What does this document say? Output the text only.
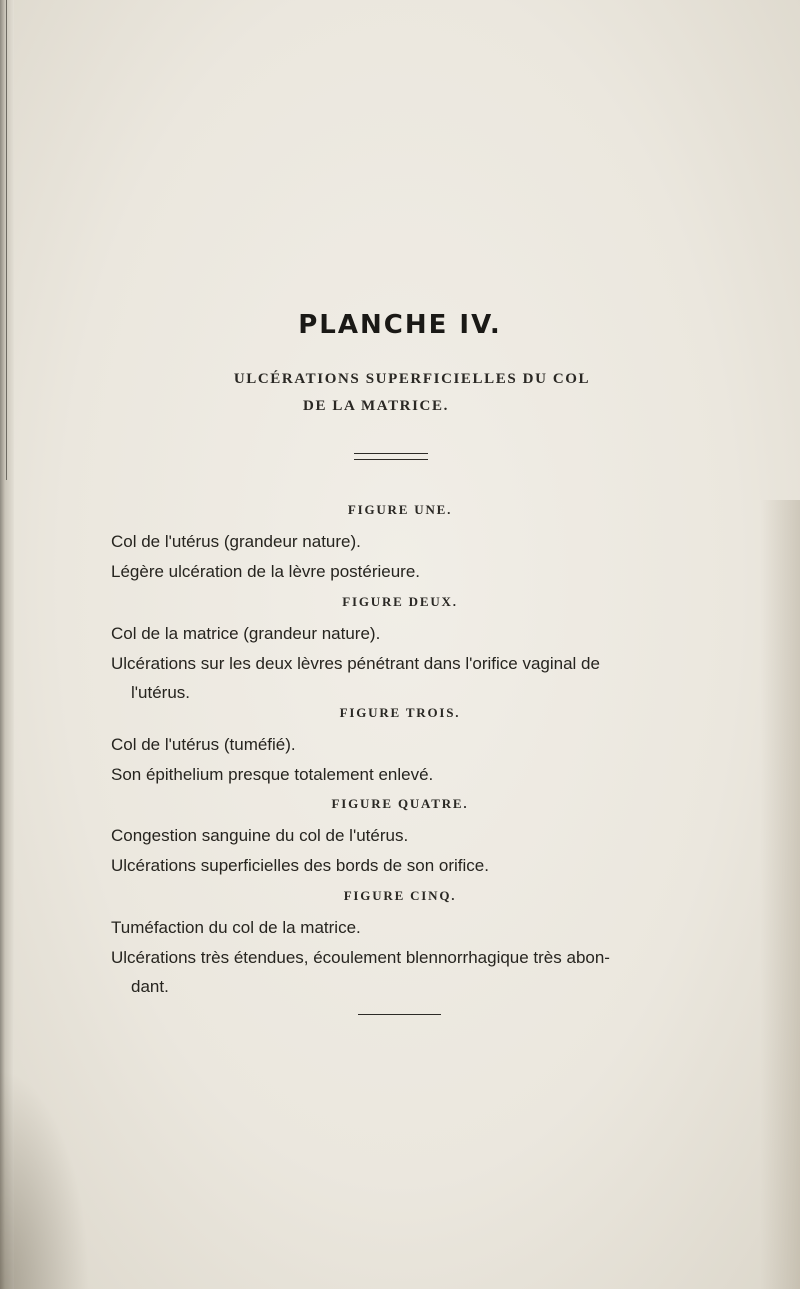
PLANCHE IV.
ULCÉRATIONS SUPERFICIELLES DU COL
DE LA MATRICE.
FIGURE UNE.
Col de l'utérus (grandeur nature).
Légère ulcération de la lèvre postérieure.
FIGURE DEUX.
Col de la matrice (grandeur nature).
Ulcérations sur les deux lèvres pénétrant dans l'orifice vaginal de
l'utérus.
FIGURE TROIS.
Col de l'utérus (tuméfié).
Son épithelium presque totalement enlevé.
FIGURE QUATRE.
Congestion sanguine du col de l'utérus.
Ulcérations superficielles des bords de son orifice.
FIGURE CINQ.
Tuméfaction du col de la matrice.
Ulcérations très étendues, écoulement blennorrhagique très abon-
dant.
